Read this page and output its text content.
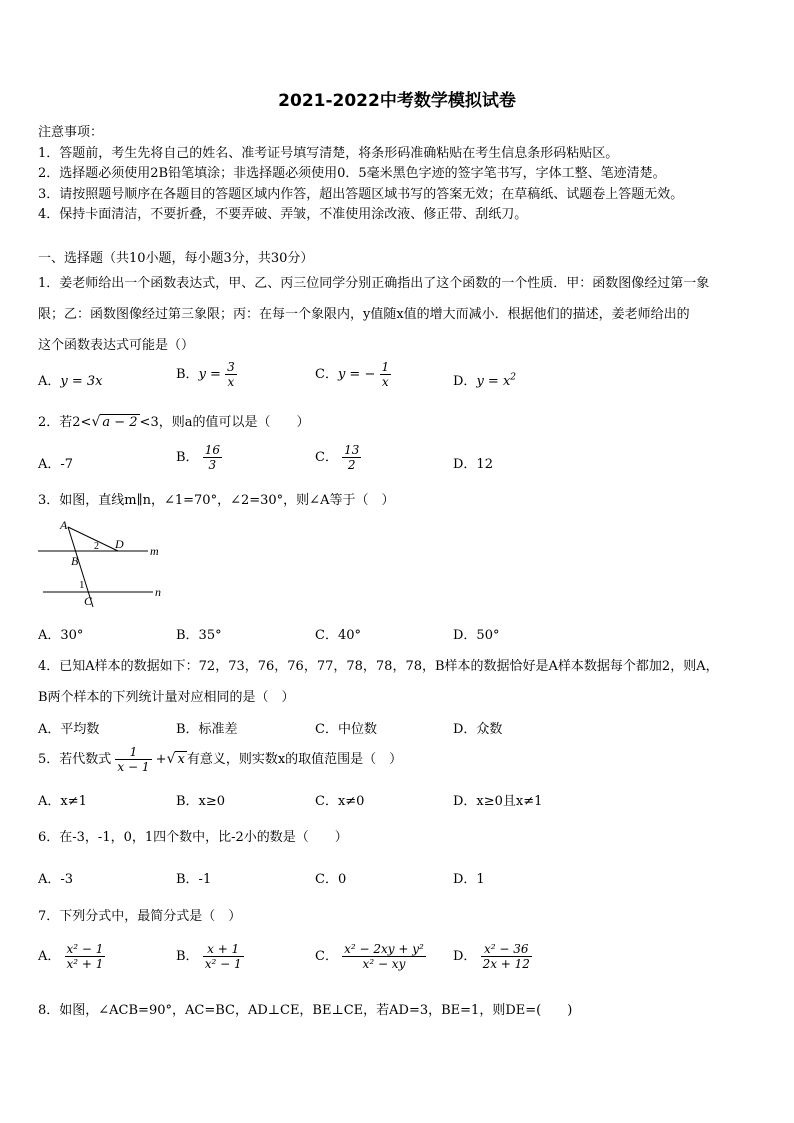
2021-2022中考数学模拟试卷
注意事项：
1．答题前，考生先将自己的姓名、准考证号填写清楚，将条形码准确粘贴在考生信息条形码粘贴区。
2．选择题必须使用2B铅笔填涂；非选择题必须使用0．5毫米黑色字迹的签字笔书写，字体工整、笔迹清楚。
3．请按照题号顺序在各题目的答题区域内作答，超出答题区域书写的答案无效；在草稿纸、试题卷上答题无效。
4．保持卡面清洁，不要折叠，不要弄破、弄皱，不准使用涂改液、修正带、刮纸刀。
一、选择题（共10小题，每小题3分，共30分）
1．姜老师给出一个函数表达式，甲、乙、丙三位同学分别正确指出了这个函数的一个性质．甲：函数图像经过第一象
限；乙：函数图像经过第三象限；丙：在每一个象限内，y值随x值的增大而减小．根据他们的描述，姜老师给出的
这个函数表达式可能是（）
A．y = 3x	B．$y = \frac{3}{x}$	C．y = − $\frac{1}{x}$	D．$y = x^2$
2．若2<√ a − 2 <3，则a的值可以是（　　）
A．-7	B． $\frac{16}{3}$	C． $\frac{13}{2}$	D．12
3．如图，直线m∥n，∠1=70°，∠2=30°，则∠A等于（　）
A
B
C
D
1
2	m
n
A．30°	B．35°	C．40°	D．50°
4．已知A样本的数据如下：72，73，76，76，77，78，78，78，B样本的数据恰好是A样本数据每个都加2，则A，
B两个样本的下列统计量对应相同的是（　）
A．平均数	B．标准差	C．中位数	D．众数
5．若代数式 $\frac{1}{x - 1}$ +√ x 有意义，则实数x的取值范围是（　）
A．x≠1	B．x≥0	C．x≠0	D．x≥0且x≠1
6．在-3，-1，0，1四个数中，比-2小的数是（　　）
A．-3	B．-1	C．0	D．1
7．下列分式中，最简分式是（　）
A． $\frac{\text{x² − 1}}{\text{x² + 1}}$	B． $\frac{x + 1}{\text{x² − 1}}$	C． $\frac{\text{x² − 2xy + y²}}{\text{x² − xy}}$ D． $\frac{\text{x² − 36}}{2x + 12}$
8．如图，∠ACB=90°，AC=BC，AD⊥CE，BE⊥CE，若AD=3，BE=1，则DE=(　　)
